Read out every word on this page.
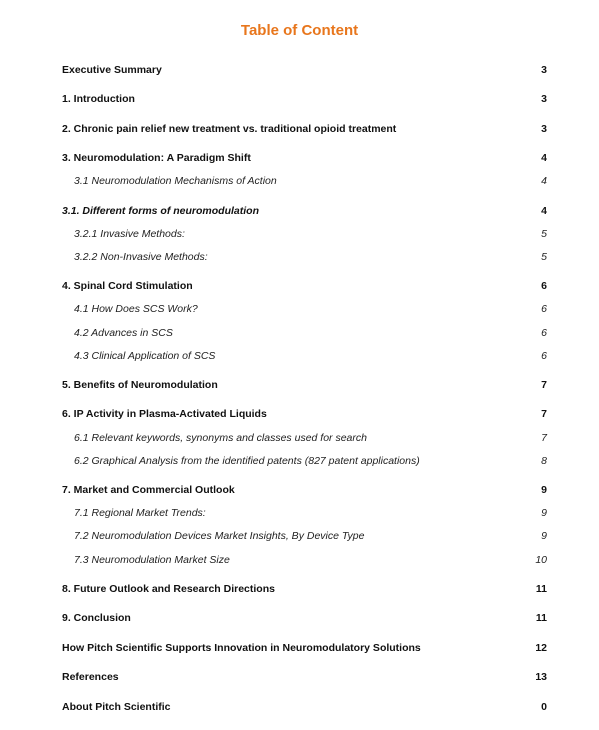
Table of Content
Executive Summary	3
1. Introduction	3
2. Chronic pain relief new treatment vs. traditional opioid treatment	3
3. Neuromodulation: A Paradigm Shift	4
3.1 Neuromodulation Mechanisms of Action	4
3.1. Different forms of neuromodulation	4
3.2.1 Invasive Methods:	5
3.2.2 Non-Invasive Methods:	5
4. Spinal Cord Stimulation	6
4.1 How Does SCS Work?	6
4.2 Advances in SCS	6
4.3 Clinical Application of SCS	6
5. Benefits of Neuromodulation	7
6. IP Activity in Plasma-Activated Liquids	7
6.1 Relevant keywords, synonyms and classes used for search	7
6.2 Graphical Analysis from the identified patents (827 patent applications)	8
7. Market and Commercial Outlook	9
7.1 Regional Market Trends:	9
7.2 Neuromodulation Devices Market Insights, By Device Type	9
7.3 Neuromodulation Market Size	10
8. Future Outlook and Research Directions	11
9. Conclusion	11
How Pitch Scientific Supports Innovation in Neuromodulatory Solutions	12
References	13
About Pitch Scientific	0
